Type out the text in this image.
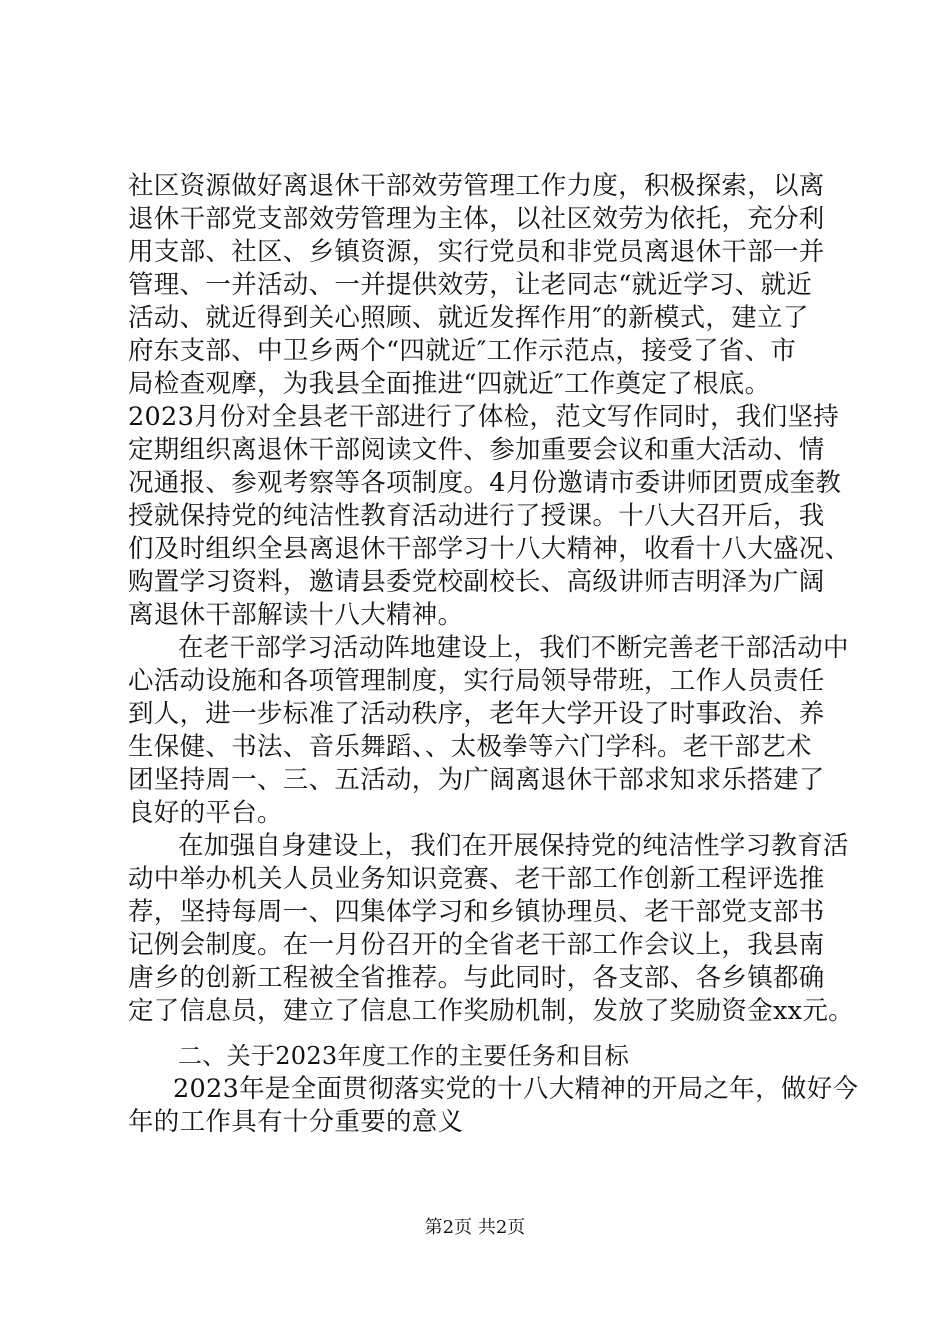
社区资源做好离退休干部效劳管理工作力度，积极探索，以离
退休干部党支部效劳管理为主体，以社区效劳为依托，充分利
用支部、社区、乡镇资源，实行党员和非党员离退休干部一并
管理、一并活动、一并提供效劳，让老同志“就近学习、就近
活动、就近得到关心照顾、就近发挥作用″的新模式，建立了
府东支部、中卫乡两个“四就近″工作示范点，接受了省、市
局检查观摩，为我县全面推进“四就近″工作奠定了根底。
2023月份对全县老干部进行了体检，范文写作同时，我们坚持
定期组织离退休干部阅读文件、参加重要会议和重大活动、情
况通报、参观考察等各项制度。4月份邀请市委讲师团贾成奎教
授就保持党的纯洁性教育活动进行了授课。十八大召开后，我
们及时组织全县离退休干部学习十八大精神，收看十八大盛况、
购置学习资料，邀请县委党校副校长、高级讲师吉明泽为广阔
离退休干部解读十八大精神。
在老干部学习活动阵地建设上，我们不断完善老干部活动中
心活动设施和各项管理制度，实行局领导带班，工作人员责任
到人，进一步标准了活动秩序，老年大学开设了时事政治、养
生保健、书法、音乐舞蹈、、太极拳等六门学科。老干部艺术
团坚持周一、三、五活动，为广阔离退休干部求知求乐搭建了
良好的平台。
在加强自身建设上，我们在开展保持党的纯洁性学习教育活
动中举办机关人员业务知识竞赛、老干部工作创新工程评选推
荐，坚持每周一、四集体学习和乡镇协理员、老干部党支部书
记例会制度。在一月份召开的全省老干部工作会议上，我县南
唐乡的创新工程被全省推荐。与此同时，各支部、各乡镇都确
定了信息员，建立了信息工作奖励机制，发放了奖励资金xx元。
二、关于2023年度工作的主要任务和目标
2023年是全面贯彻落实党的十八大精神的开局之年，做好今
年的工作具有十分重要的意义
第2页 共2页
